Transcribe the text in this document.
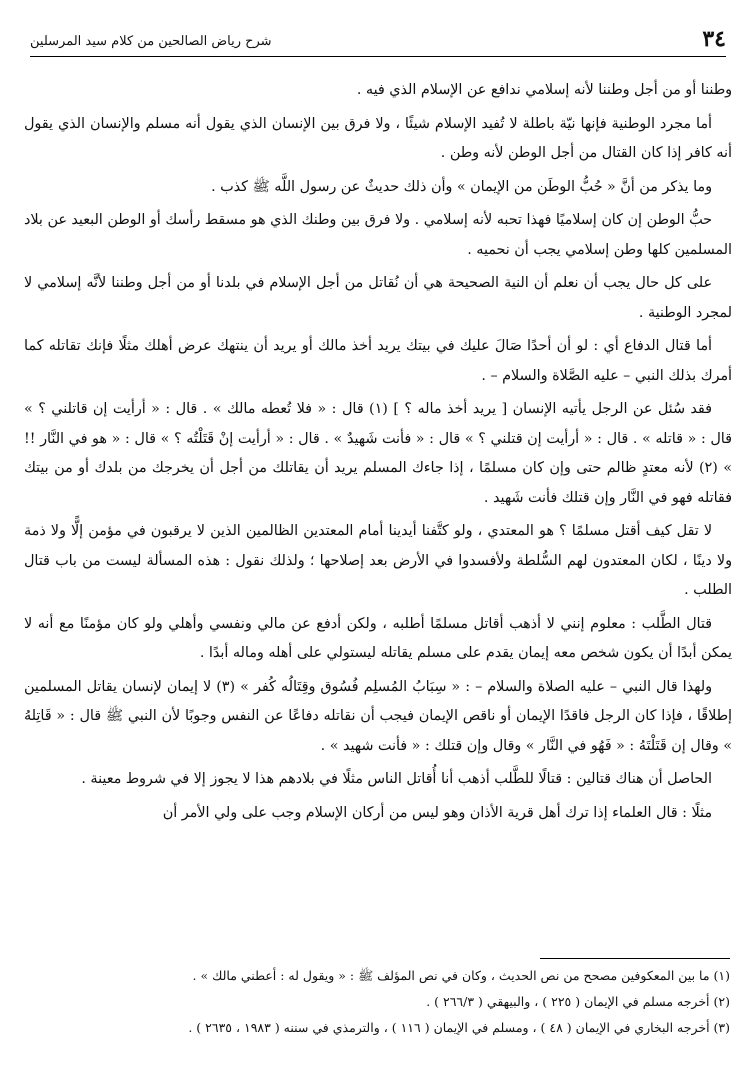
٣٤
شرح رياض الصالحين من كلام سيد المرسلين

وطننا أو من أجل وطننا لأنه إسلامي ندافع عن الإسلام الذي فيه .

أما مجرد الوطنية فإنها نيّة باطلة لا تُفيد الإسلام شيئًا ، ولا فرق بين الإنسان الذي يقول أنه مسلم والإنسان الذي يقول أنه كافر إذا كان القتال من أجل الوطن لأنه وطن .

وما يذكر من أنَّ « حُبُّ الوطَن من الإيمان » وأن ذلك حديثٌ عن رسول اللَّه ﷺ كذب .

حبُّ الوطن إن كان إسلاميًا فهذا تحبه لأنه إسلامي . ولا فرق بين وطنك الذي هو مسقط رأسك أو الوطن البعيد عن بلاد المسلمين كلها وطن إسلامي يجب أن نحميه .

على كل حال يجب أن نعلم أن النية الصحيحة هي أن نُقاتل من أجل الإسلام في بلدنا أو من أجل وطننا لأنَّه إسلامي لا لمجرد الوطنية .

أما قتال الدفاع أي : لو أن أحدًا صَالَ عليك في بيتك يريد أخذ مالك أو يريد أن ينتهك عرض أهلك مثلًا فإنك تقاتله كما أمرك بذلك النبي – عليه الصَّلاة والسلام – .

فقد سُئل عن الرجل يأتيه الإنسان [ يريد أخذ ماله ؟ ] (١) قال : « فلا تُعطه مالك » . قال : « أرأيت إن قاتلني ؟ » قال : « قاتله » . قال : « أرأيت إن قتلني ؟ » قال : « فأنت شَهيدٌ » . قال : « أرأيت إنْ قَتَلْتُه ؟ » قال : « هو في النَّار !! » (٢) لأنه معتدٍ ظالم حتى وإن كان مسلمًا ، إذا جاءك المسلم يريد أن يقاتلك من أجل أن يخرجك من بلدك أو من بيتك فقاتله فهو في النَّار وإن قتلك فأنت شَهيد .

لا تقل كيف أقتل مسلمًا ؟ هو المعتدي ، ولو كتَّفنا أيدينا أمام المعتدين الظالمين الذين لا يرقبون في مؤمن إلًّا ولا ذمة ولا دينًا ، لكان المعتدون لهم السُّلطة ولأفسدوا في الأرض بعد إصلاحها ؛ ولذلك نقول : هذه المسألة ليست من باب قتال الطلب .

قتال الطَّلب : معلوم إنني لا أذهب أقاتل مسلمًا أطلبه ، ولكن أدفع عن مالي ونفسي وأهلي ولو كان مؤمنًا مع أنه لا يمكن أبدًا أن يكون شخص معه إيمان يقدم على مسلم يقاتله ليستولي على أهله وماله أبدًا .

ولهذا قال النبي – عليه الصلاة والسلام – : « سِبَابُ المُسلِم فُسُوق وقِتَالُه كُفر » (٣) لا إيمان لإنسان يقاتل المسلمين إطلاقًا ، فإذا كان الرجل فاقدًا الإيمان أو ناقص الإيمان فيجب أن نقاتله دفاعًا عن النفس وجوبًا لأن النبي ﷺ قال : « قَاتِلهُ » وقال إن قَتَلْتَهُ : « فَهُو في النَّار » وقال وإن قتلك : « فأنت شهيد » .

الحاصل أن هناك قتالين : قتالًا للطَّلب أذهب أنا أُقاتل الناس مثلًا في بلادهم هذا لا يجوز إلا في شروط معينة .

مثلًا : قال العلماء إذا ترك أهل قرية الأذان وهو ليس من أركان الإسلام وجب على ولي الأمر أن

(١) ما بين المعكوفين مصحح من نص الحديث ، وكان في نص المؤلف ﷺ : « ويقول له : أعطني مالك » .

(٢) أخرجه مسلم في الإيمان ( ٢٢٥ ) ، والبيهقي ( ٢٦٦/٣ ) .

(٣) أخرجه البخاري في الإيمان ( ٤٨ ) ، ومسلم في الإيمان ( ١١٦ ) ، والترمذي في سننه ( ١٩٨٣ ، ٢٦٣٥ ) .
